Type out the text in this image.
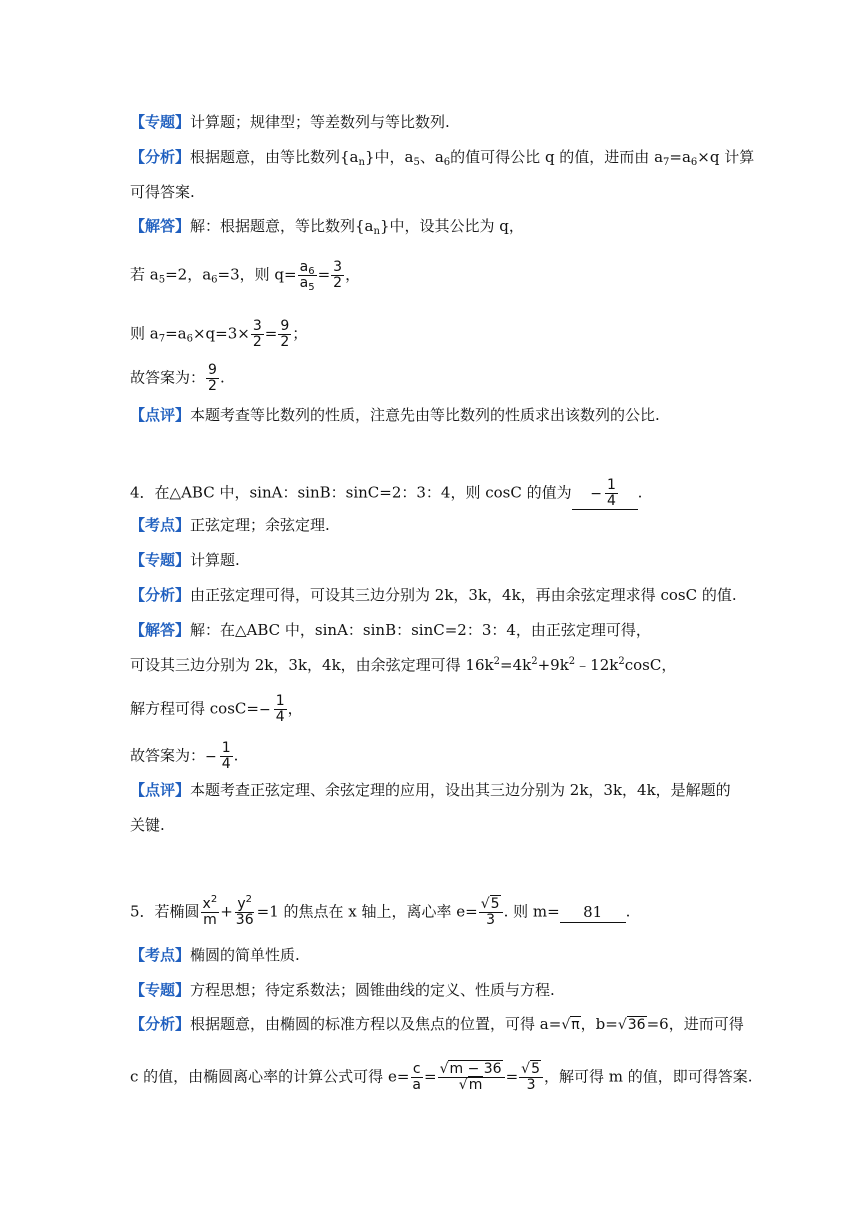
【专题】计算题；规律型；等差数列与等比数列.
【分析】根据题意，由等比数列$\{a_n\}$中，$a_5$、$a_6$的值可得公比 q 的值，进而由 $a_7=a_6\times q$ 计算
可得答案.
【解答】解：根据题意，等比数列$\{a_n\}$中，设其公比为 q，
若 $a_5=2$，$a_6=3$，则 $q= \frac{a_6}{a_5} = \frac{3}{2}$ ，
则 $a_7=a_6\times q=3\times \frac{3}{2} = \frac{9}{2}$ ；
故答案为： $\frac{9}{2}$ .
【点评】本题考查等比数列的性质，注意先由等比数列的性质求出该数列的公比.
4．在△ABC 中，sinA：sinB：sinC=2：3：4，则 cosC 的值为 − $\frac{1}{4}$ .
【考点】正弦定理；余弦定理.
【专题】计算题.
【分析】由正弦定理可得，可设其三边分别为 2k，3k，4k，再由余弦定理求得 cosC 的值.
【解答】解：在△ABC 中，sinA：sinB：sinC=2：3：4，由正弦定理可得，
可设其三边分别为 2k，3k，4k，由余弦定理可得 $16k^2=4k^2+9k^2﹣12k^2\cos C$，
解方程可得 $\cos C=- \frac{1}{4}$ ，
故答案为：− $\frac{1}{4}$ .
【点评】本题考查正弦定理、余弦定理的应用，设出其三边分别为 2k，3k，4k，是解题的
关键.
5．若椭圆 $\frac{x^2}{m} + \frac{y^2}{36} =1$ 的焦点在 x 轴上，离心率 $e= \frac{√5}{3}$ . 则 m= 81 .
【考点】椭圆的简单性质.
【专题】方程思想；待定系数法；圆锥曲线的定义、性质与方程.
【分析】根据题意，由椭圆的标准方程以及焦点的位置，可得 a=√π，b=√36=6，进而可得
c 的值，由椭圆离心率的计算公式可得 $e= \frac{c}{a} = \frac{√m - 36}{√m} = \frac{√5}{3}$ ，解可得 m 的值，即可得答案.
